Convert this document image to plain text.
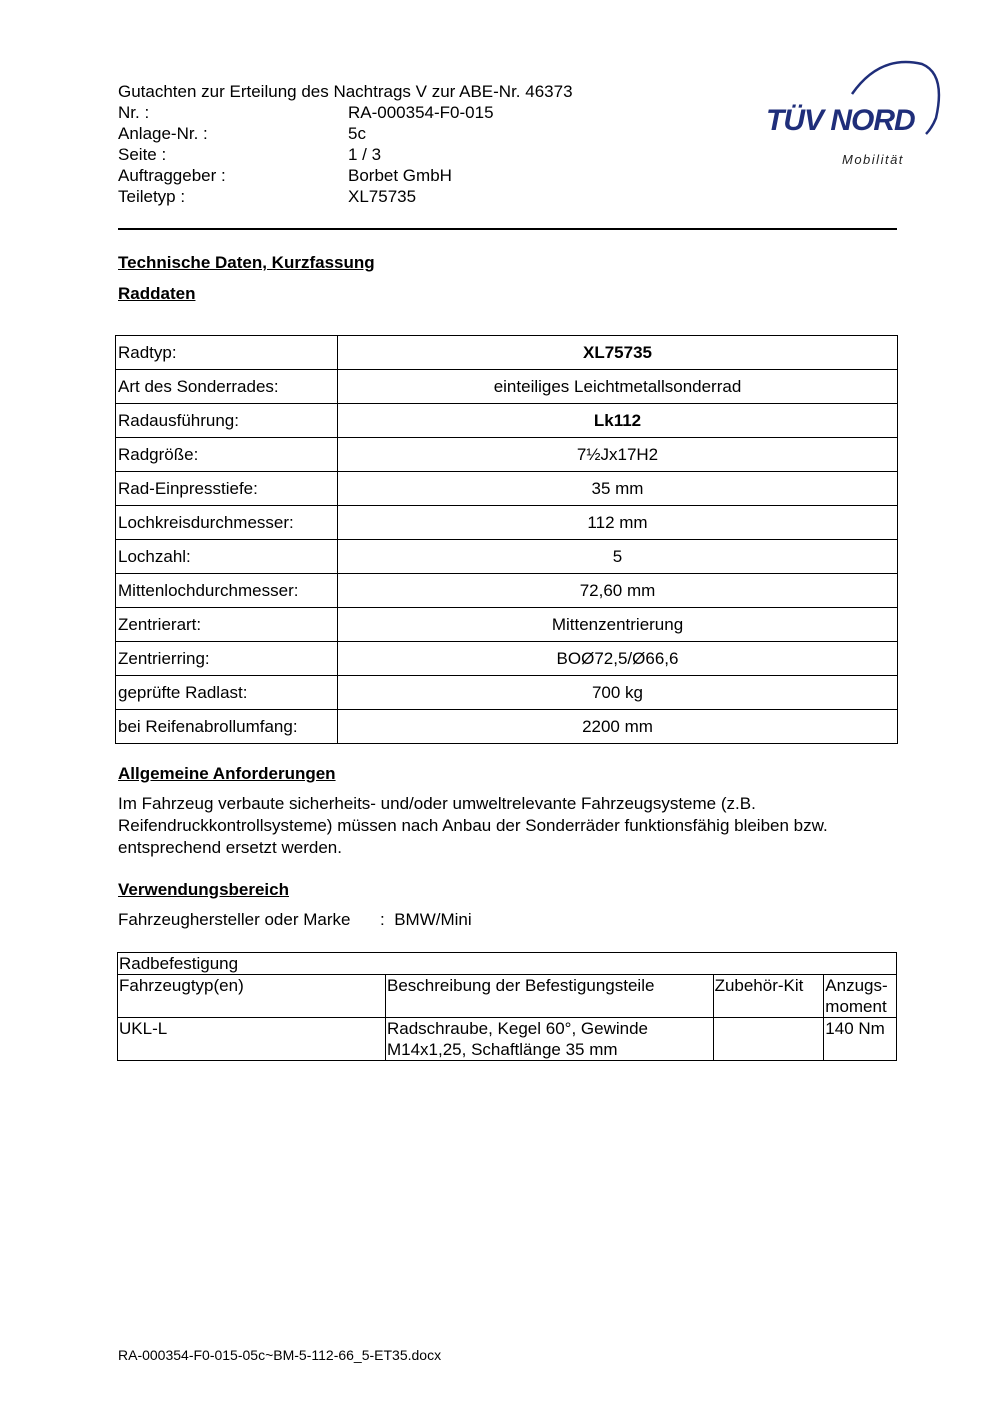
Gutachten zur Erteilung des Nachtrags V zur ABE-Nr. 46373
Nr. :	RA-000354-F0-015
Anlage-Nr. :	5c
Seite :	1 / 3
Auftraggeber :	Borbet GmbH
Teiletyp :	XL75735
TÜV NORD
Mobilität
Technische Daten, Kurzfassung
Raddaten
Radtyp:	XL75735
Art des Sonderrades:	einteiliges Leichtmetallsonderrad
Radausführung:	Lk112
Radgröße:	7½Jx17H2
Rad-Einpresstiefe:	35 mm
Lochkreisdurchmesser:	112 mm
Lochzahl:	5
Mittenlochdurchmesser:	72,60 mm
Zentrierart:	Mittenzentrierung
Zentrierring:	BOØ72,5/Ø66,6
geprüfte Radlast:	700 kg
bei Reifenabrollumfang:	2200 mm
Allgemeine Anforderungen
Im Fahrzeug verbaute sicherheits- und/oder umweltrelevante Fahrzeugsysteme (z.B. Reifendruckkontrollsysteme) müssen nach Anbau der Sonderräder funktionsfähig bleiben bzw. entsprechend ersetzt werden.
Verwendungsbereich
Fahrzeughersteller oder Marke : BMW/Mini
Radbefestigung			
Fahrzeugtyp(en)	Beschreibung der Befestigungsteile	Zubehör-Kit	Anzugs-moment
UKL-L	Radschraube, Kegel 60°, Gewinde M14x1,25, Schaftlänge 35 mm		140 Nm
RA-000354-F0-015-05c~BM-5-112-66_5-ET35.docx
